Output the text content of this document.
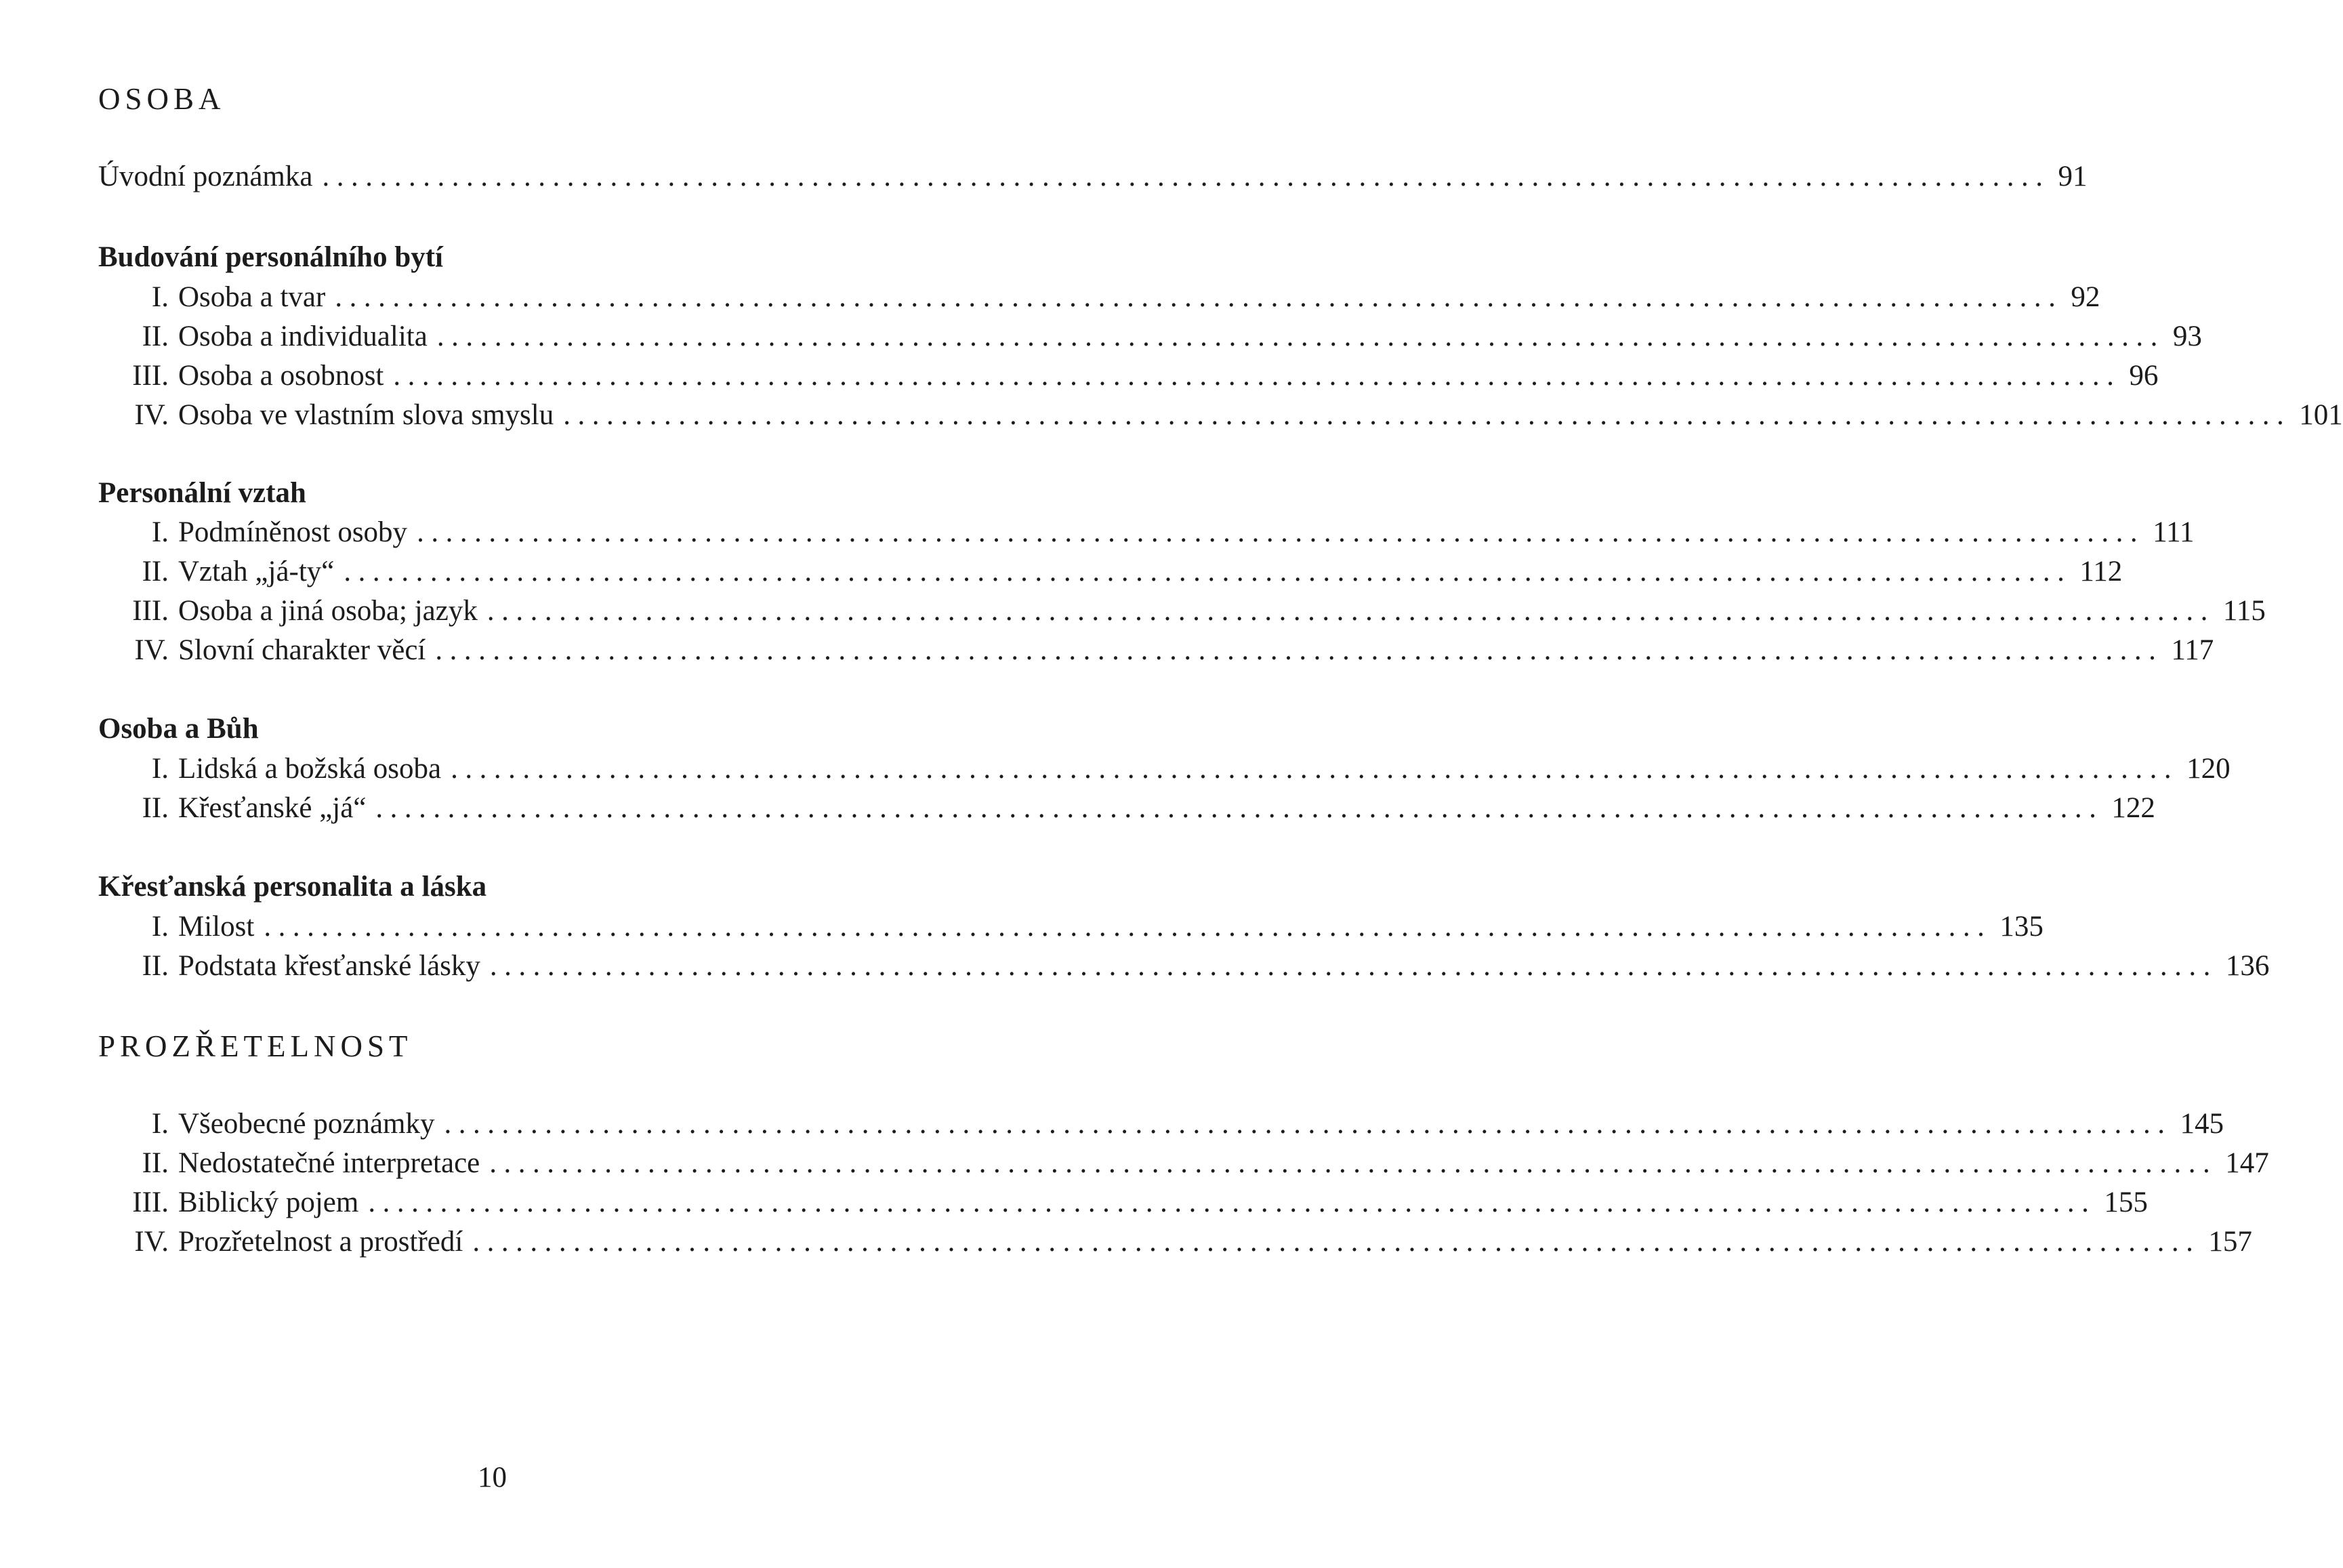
OSOBA
Úvodní poznámka ........................................................................................................................ 91
Budování personálního bytí
I. Osoba a tvar ........................................................................................................................ 92
II. Osoba a individualita ........................................................................................................................ 93
III. Osoba a osobnost ........................................................................................................................ 96
IV. Osoba ve vlastním slova smyslu ........................................................................................................................ 101
Personální vztah
I. Podmíněnost osoby ........................................................................................................................ 111
II. Vztah „já-ty“ ........................................................................................................................ 112
III. Osoba a jiná osoba; jazyk ........................................................................................................................ 115
IV. Slovní charakter věcí ........................................................................................................................ 117
Osoba a Bůh
I. Lidská a božská osoba ........................................................................................................................ 120
II. Křesťanské „já“ ........................................................................................................................ 122
Křesťanská personalita a láska
I. Milost ........................................................................................................................ 135
II. Podstata křesťanské lásky ........................................................................................................................ 136
PROZŘETELNOST
I. Všeobecné poznámky ........................................................................................................................ 145
II. Nedostatečné interpretace ........................................................................................................................ 147
III. Biblický pojem ........................................................................................................................ 155
IV. Prozřetelnost a prostředí ........................................................................................................................ 157
10
